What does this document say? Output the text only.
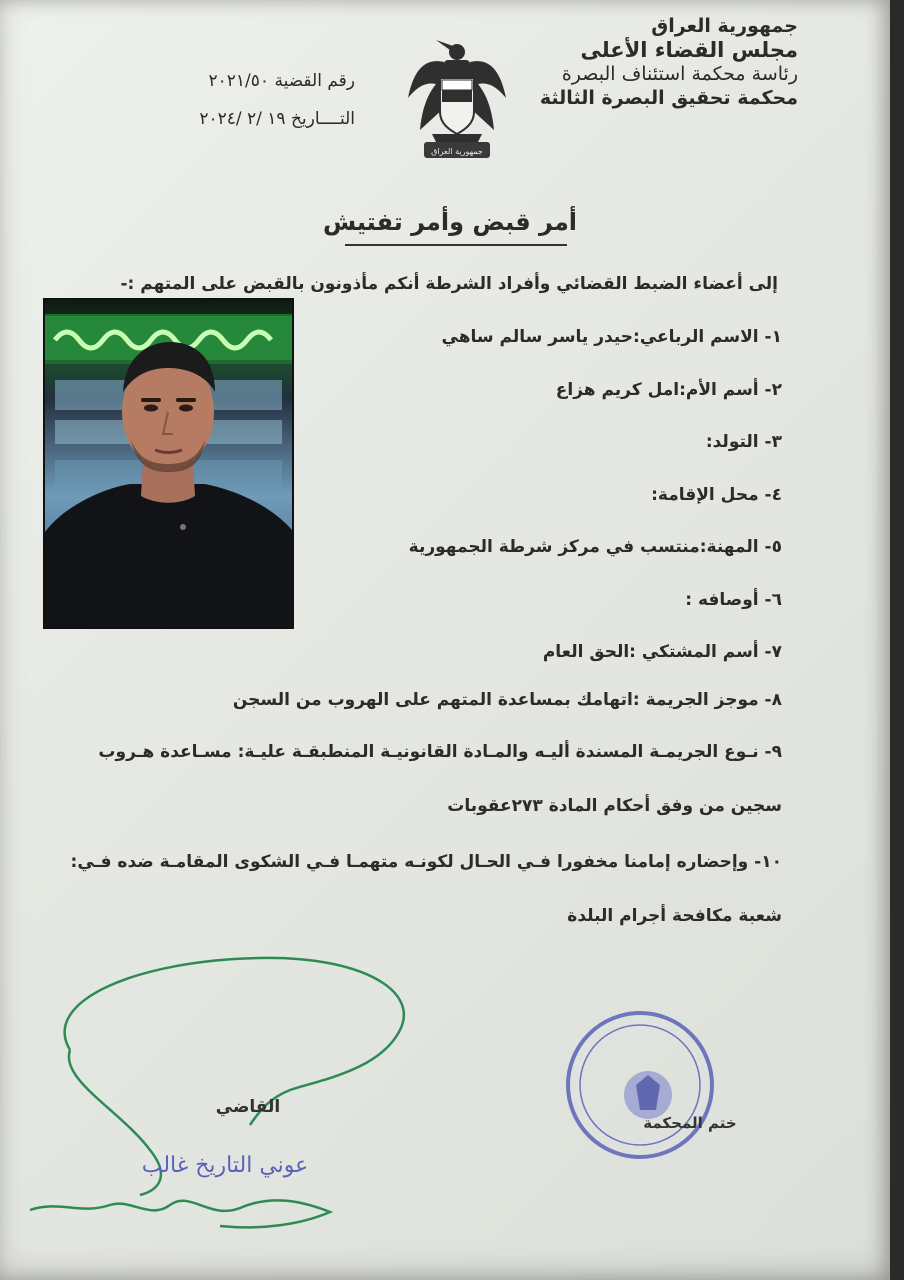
جمهورية العراق
مجلس القضاء الأعلى
رئاسة محكمة استئناف البصرة
محكمة تحقيق البصرة الثالثة
رقم القضية ٢٠٢١/٥٠
التــــاريخ ١٩ /٢ /٢٠٢٤
جمهورية العراق
أمر قبض وأمر تفتيش
إلى أعضاء الضبط القضائي وأفراد الشرطة أنكم مأذونون بالقبض على المتهم :-
١- الاسم الرباعي:حيدر ياسر سالم ساهي
٢- أسم الأم:امل كريم هزاع
٣- التولد:
٤- محل الإقامة:
٥- المهنة:منتسب في مركز شرطة الجمهورية
٦- أوصافه :
٧- أسم المشتكي :الحق العام
٨- موجز الجريمة :اتهامك بمساعدة المتهم على الهروب من السجن
٩- نـوع الجريمـة المسندة أليـه والمـادة القانونيـة المنطبقـة عليـة: مسـاعدة هـروب
سجين من وفق أحكام المادة ٢٧٣عقوبات
١٠- وإحضاره إمامنا مخفورا فـي الحـال لكونـه متهمـا فـي الشكوى المقامـة ضده فـي:
شعبة مكافحة أجرام البلدة
القاضي
عوني التاريخ غالب
ختم المحكمة
